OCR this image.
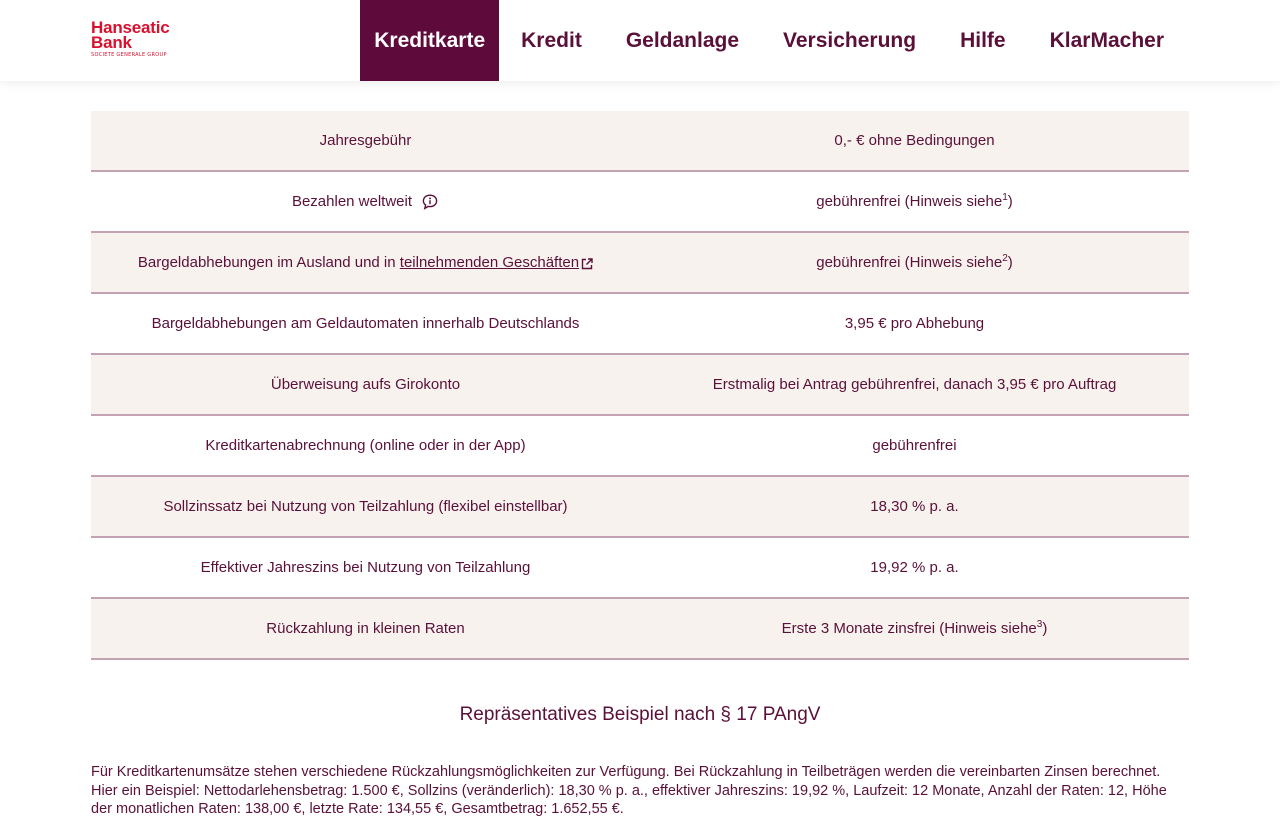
Hanseatic
Bank
SOCIETE GENERALE GROUP
Kreditkarte	Kredit	Geldanlage	Versicherung	Hilfe	KlarMacher
Jahresgebühr	0,- € ohne Bedingungen
Bezahlen weltweit	gebührenfrei (Hinweis siehe$^1$)
Bargeldabhebungen im Ausland und in teilnehmenden Geschäften	gebührenfrei (Hinweis siehe$^2$)
Bargeldabhebungen am Geldautomaten innerhalb Deutschlands	3,95 € pro Abhebung
Überweisung aufs Girokonto	Erstmalig bei Antrag gebührenfrei, danach 3,95 € pro Auftrag
Kreditkartenabrechnung (online oder in der App)	gebührenfrei
Sollzinssatz bei Nutzung von Teilzahlung (flexibel einstellbar)	18,30 % p. a.
Effektiver Jahreszins bei Nutzung von Teilzahlung	19,92 % p. a.
Rückzahlung in kleinen Raten	Erste 3 Monate zinsfrei (Hinweis siehe$^3$)
Repräsentatives Beispiel nach § 17 PAngV
Für Kreditkartenumsätze stehen verschiedene Rückzahlungsmöglichkeiten zur Verfügung. Bei Rückzahlung in Teilbeträgen werden die vereinbarten Zinsen berechnet. Hier ein Beispiel: Nettodarlehensbetrag: 1.500 €, Sollzins (veränderlich): 18,30 % p. a., effektiver Jahreszins: 19,92 %, Laufzeit: 12 Monate, Anzahl der Raten: 12, Höhe der monatlichen Raten: 138,00 €, letzte Rate: 134,55 €, Gesamtbetrag: 1.652,55 €.
